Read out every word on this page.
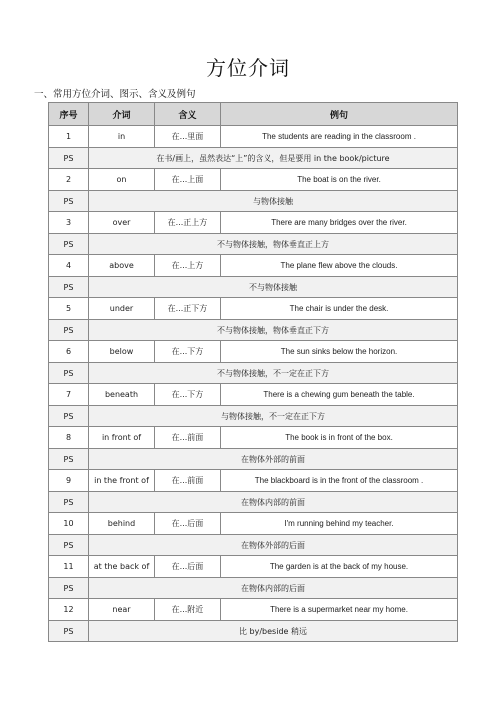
方位介词
一、常用方位介词、图示、含义及例句
序号	介词	含义	例句
1	in	在...里面	The students are reading in the classroom .
PS	在书/画上，虽然表达“上”的含义，但是要用 in the book/picture		
2	on	在...上面	The boat is on the river.
PS	与物体接触		
3	over	在...正上方	There are many bridges over the river.
PS	不与物体接触，物体垂直正上方		
4	above	在...上方	The plane flew above the clouds.
PS	不与物体接触		
5	under	在...正下方	The chair is under the desk.
PS	不与物体接触，物体垂直正下方		
6	below	在...下方	The sun sinks below the horizon.
PS	不与物体接触，不一定在正下方		
7	beneath	在...下方	There is a chewing gum beneath the table.
PS	与物体接触，不一定在正下方		
8	in front of	在...前面	The book is in front of the box.
PS	在物体外部的前面		
9	in the front of	在...前面	The blackboard is in the front of the classroom .
PS	在物体内部的前面		
10	behind	在...后面	I'm running behind my teacher.
PS	在物体外部的后面		
11	at the back of	在...后面	The garden is at the back of my house.
PS	在物体内部的后面		
12	near	在...附近	There is a supermarket near my home.
PS	比 by/beside 稍远		
